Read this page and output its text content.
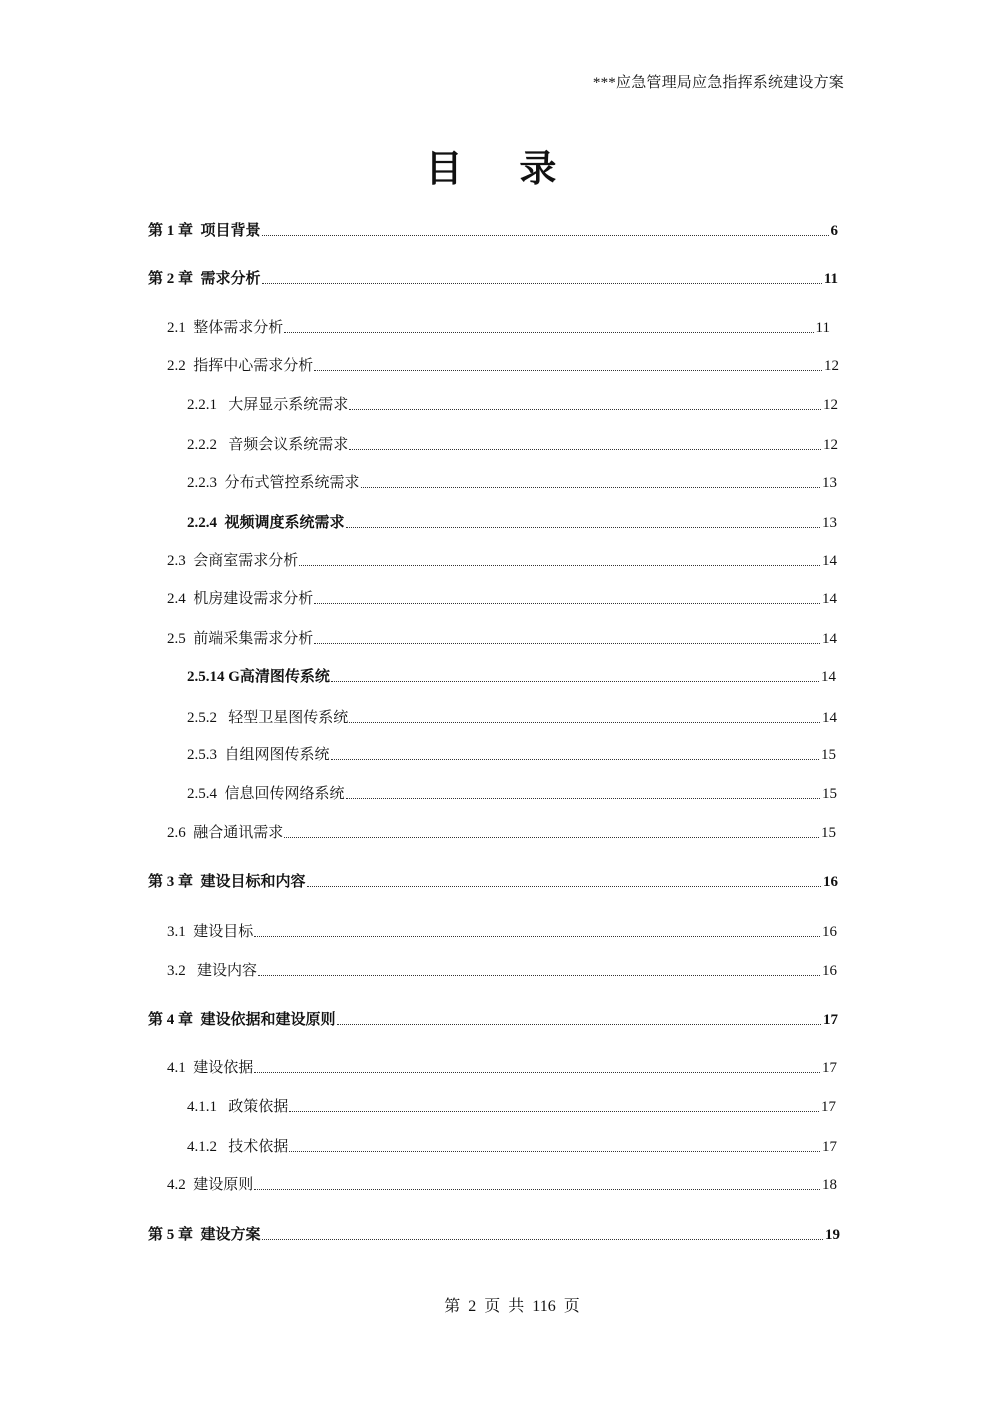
***应急管理局应急指挥系统建设方案
目 录
第 1 章  项目背景	6
第 2 章  需求分析	11
2.1  整体需求分析	11
2.2  指挥中心需求分析	12
2.2.1   大屏显示系统需求	12
2.2.2   音频会议系统需求	12
2.2.3  分布式管控系统需求	13
2.2.4  视频调度系统需求	13
2.3  会商室需求分析	14
2.4  机房建设需求分析	14
2.5  前端采集需求分析	14
2.5.14 G高清图传系统	14
2.5.2   轻型卫星图传系统	14
2.5.3  自组网图传系统	15
2.5.4  信息回传网络系统	15
2.6  融合通讯需求	15
第 3 章  建设目标和内容	16
3.1  建设目标	16
3.2   建设内容	16
第 4 章  建设依据和建设原则	17
4.1  建设依据	17
4.1.1   政策依据	17
4.1.2   技术依据	17
4.2  建设原则	18
第 5 章  建设方案	19
第 2 页 共 116 页
